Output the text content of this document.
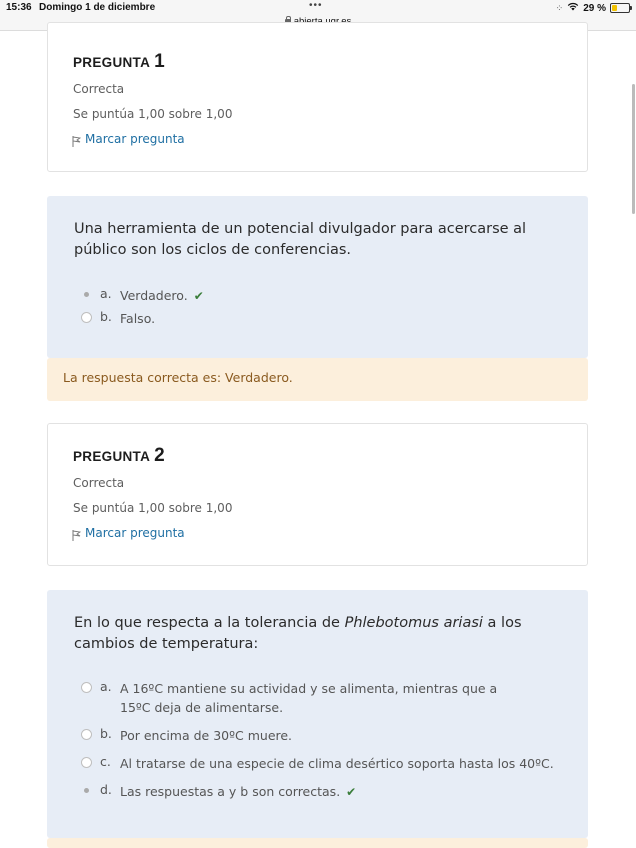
15:36 Domingo 1 de diciembre	•••	⁘ 29 %
PREGUNTA 1
Correcta
Se puntúa 1,00 sobre 1,00
Marcar pregunta
Una herramienta de un potencial divulgador para acercarse al público son los ciclos de conferencias.
a. Verdadero. ✔
b. Falso.
La respuesta correcta es: Verdadero.
PREGUNTA 2
Correcta
Se puntúa 1,00 sobre 1,00
Marcar pregunta
En lo que respecta a la tolerancia de Phlebotomus ariasi a los cambios de temperatura:
a. A 16ºC mantiene su actividad y se alimenta, mientras que a 15ºC deja de alimentarse.
b. Por encima de 30ºC muere.
c. Al tratarse de una especie de clima desértico soporta hasta los 40ºC.
d. Las respuestas a y b son correctas. ✔
